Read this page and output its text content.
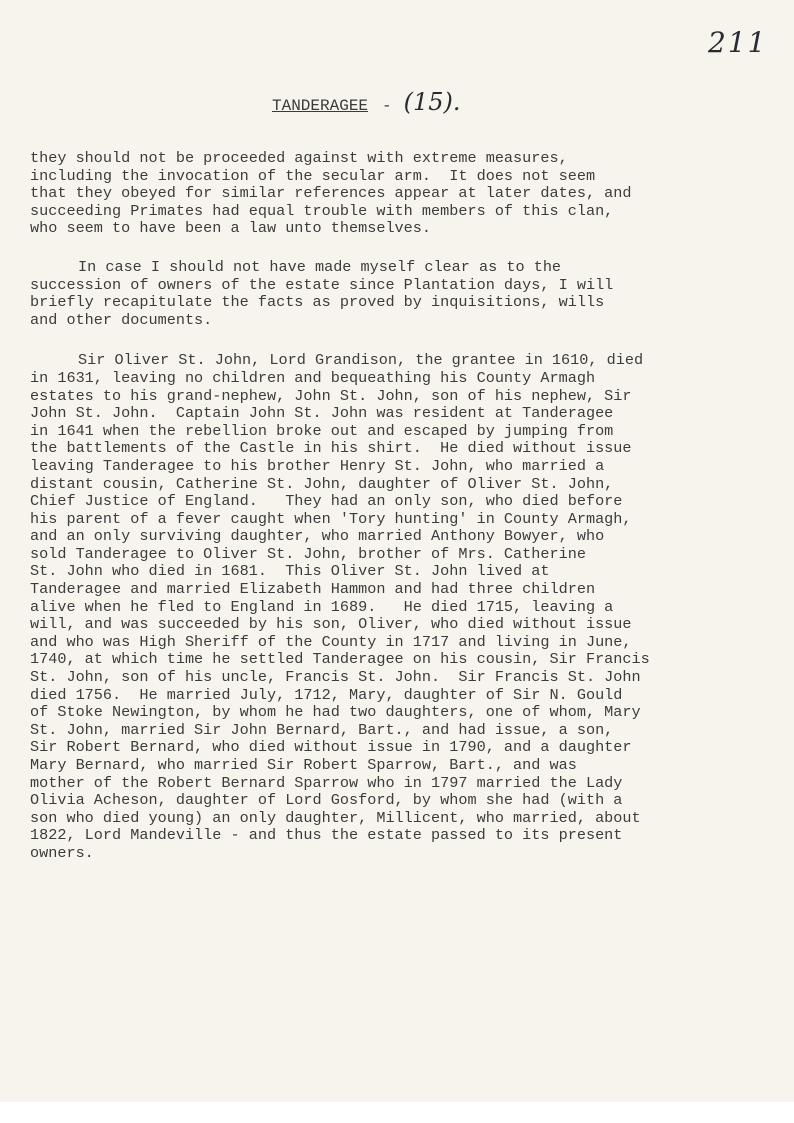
211
TANDERAGEE - (15).
they should not be proceeded against with extreme measures,
including the invocation of the secular arm.  It does not seem
that they obeyed for similar references appear at later dates, and
succeeding Primates had equal trouble with members of this clan,
who seem to have been a law unto themselves.
In case I should not have made myself clear as to the
succession of owners of the estate since Plantation days, I will
briefly recapitulate the facts as proved by inquisitions, wills
and other documents.
Sir Oliver St. John, Lord Grandison, the grantee in 1610, died
in 1631, leaving no children and bequeathing his County Armagh
estates to his grand-nephew, John St. John, son of his nephew, Sir
John St. John.  Captain John St. John was resident at Tanderagee
in 1641 when the rebellion broke out and escaped by jumping from
the battlements of the Castle in his shirt.  He died without issue
leaving Tanderagee to his brother Henry St. John, who married a
distant cousin, Catherine St. John, daughter of Oliver St. John,
Chief Justice of England.   They had an only son, who died before
his parent of a fever caught when 'Tory hunting' in County Armagh,
and an only surviving daughter, who married Anthony Bowyer, who
sold Tanderagee to Oliver St. John, brother of Mrs. Catherine
St. John who died in 1681.  This Oliver St. John lived at
Tanderagee and married Elizabeth Hammon and had three children
alive when he fled to England in 1689.   He died 1715, leaving a
will, and was succeeded by his son, Oliver, who died without issue
and who was High Sheriff of the County in 1717 and living in June,
1740, at which time he settled Tanderagee on his cousin, Sir Francis
St. John, son of his uncle, Francis St. John.  Sir Francis St. John
died 1756.  He married July, 1712, Mary, daughter of Sir N. Gould
of Stoke Newington, by whom he had two daughters, one of whom, Mary
St. John, married Sir John Bernard, Bart., and had issue, a son,
Sir Robert Bernard, who died without issue in 1790, and a daughter
Mary Bernard, who married Sir Robert Sparrow, Bart., and was
mother of the Robert Bernard Sparrow who in 1797 married the Lady
Olivia Acheson, daughter of Lord Gosford, by whom she had (with a
son who died young) an only daughter, Millicent, who married, about
1822, Lord Mandeville - and thus the estate passed to its present
owners.
